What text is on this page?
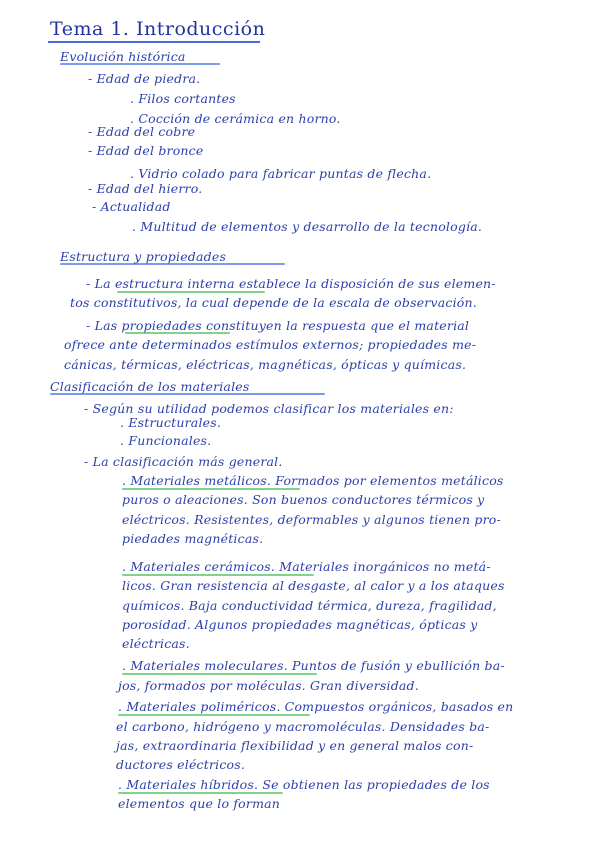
Tema 1. Introducción
Evolución histórica
- Edad de piedra.
. Filos cortantes
. Cocción de cerámica en horno.
- Edad del cobre
- Edad del bronce
. Vidrio colado para fabricar puntas de flecha.
- Edad del hierro.
- Actualidad
. Multitud de elementos y desarrollo de la tecnología.
Estructura y propiedades
- La estructura interna establece la disposición de sus elemen-
tos constitutivos, la cual depende de la escala de observación.
- Las propiedades constituyen la respuesta que el material
ofrece ante determinados estímulos externos; propiedades me-
cánicas, térmicas, eléctricas, magnéticas, ópticas y químicas.
Clasificación de los materiales
- Según su utilidad podemos clasificar los materiales en:
. Estructurales.
. Funcionales.
- La clasificación más general.
. Materiales metálicos. Formados por elementos metálicos
puros o aleaciones. Son buenos conductores térmicos y
eléctricos. Resistentes, deformables y algunos tienen pro-
piedades magnéticas.
. Materiales cerámicos. Materiales inorgánicos no metá-
licos. Gran resistencia al desgaste, al calor y a los ataques
químicos. Baja conductividad térmica, dureza, fragilidad,
porosidad. Algunos propiedades magnéticas, ópticas y
eléctricas.
. Materiales moleculares. Puntos de fusión y ebullición ba-
jos, formados por moléculas. Gran diversidad.
. Materiales poliméricos. Compuestos orgánicos, basados en
el carbono, hidrógeno y macromoléculas. Densidades ba-
jas, extraordinaria flexibilidad y en general malos con-
ductores eléctricos.
. Materiales híbridos. Se obtienen las propiedades de los
elementos que lo forman
